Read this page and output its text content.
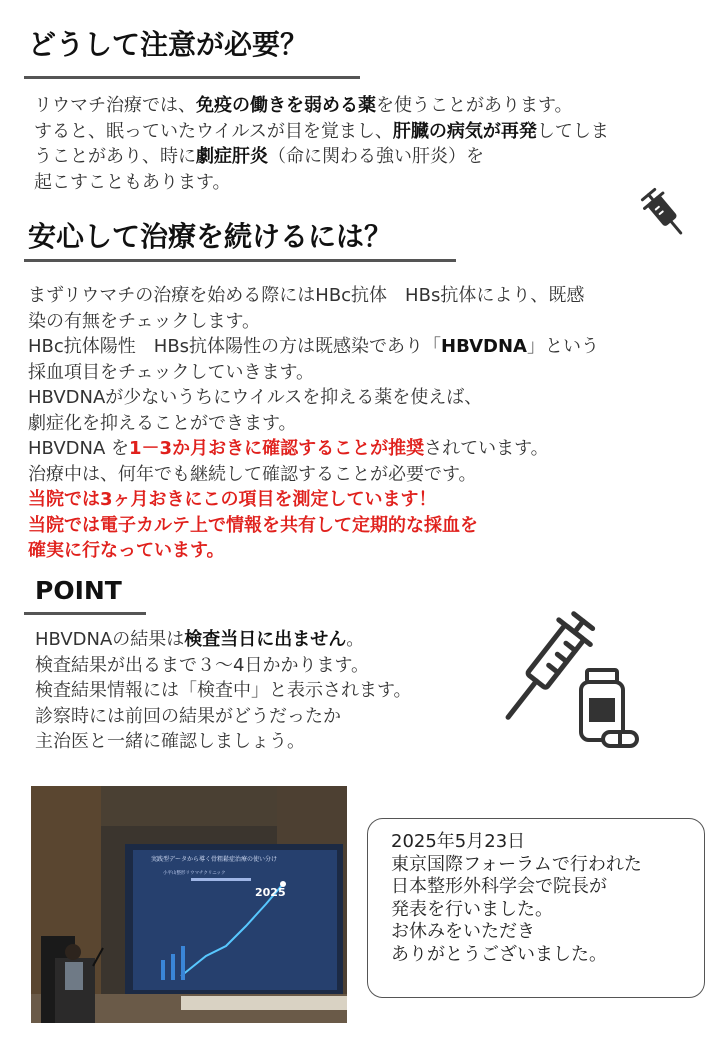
どうして注意が必要？
リウマチ治療では、免疫の働きを弱める薬を使うことがあります。
すると、眠っていたウイルスが目を覚まし、肝臓の病気が再発してしま
うことがあり、時に劇症肝炎（命に関わる強い肝炎）を
起こすこともあります。
安心して治療を続けるには？
まずリウマチの治療を始める際にはHBc抗体　HBs抗体により、既感
染の有無をチェックします。
HBc抗体陽性　HBs抗体陽性の方は既感染であり「HBVDNA」という
採血項目をチェックしていきます。
HBVDNAが少ないうちにウイルスを抑える薬を使えば、
劇症化を抑えることができます。
HBVDNA を1－3か月おきに確認することが推奨されています。
治療中は、何年でも継続して確認することが必要です。
当院では3ヶ月おきにこの項目を測定しています！
当院では電子カルテ上で情報を共有して定期的な採血を
確実に行なっています。
POINT
HBVDNAの結果は検査当日に出ません。
検査結果が出るまで３～4日かかります。
検査結果情報には「検査中」と表示されます。
診察時には前回の結果がどうだったか
主治医と一緒に確認しましょう。
実践型データから導く骨粗鬆症治療の使い分け
小平山整形リウマチクリニック
2025
2025年5月23日
東京国際フォーラムで行われた
日本整形外科学会で院長が
発表を行いました。
お休みをいただき
ありがとうございました。
